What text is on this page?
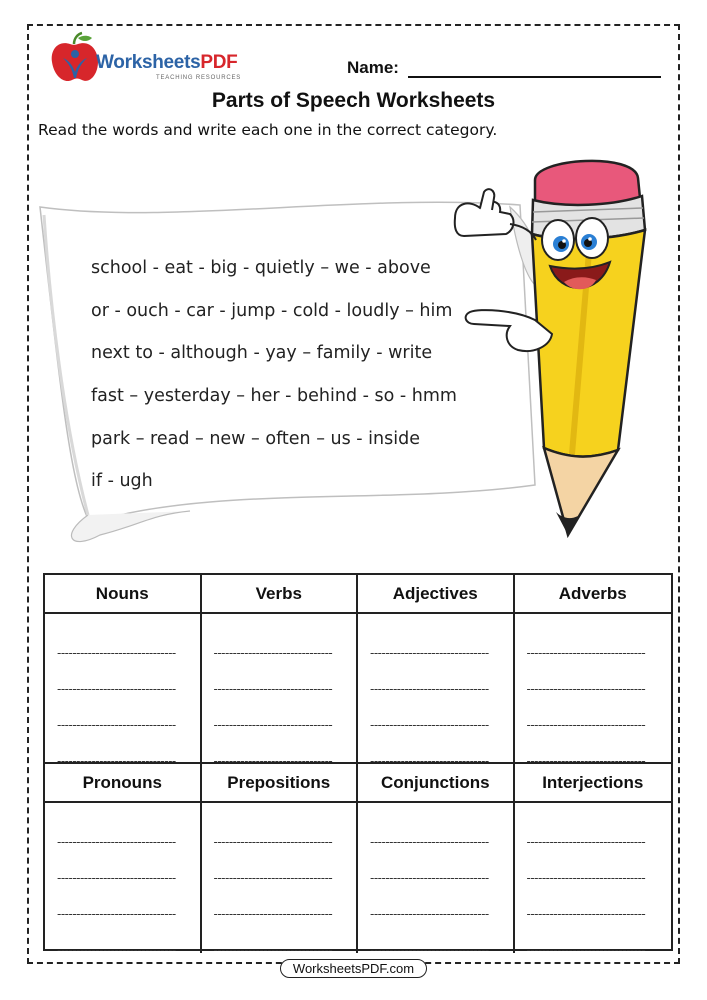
WorksheetsPDF
TEACHING RESOURCES
Name:
Parts of Speech Worksheets
Read the words and write each one in the correct category.
school - eat - big - quietly – we - above
or - ouch - car - jump - cold - loudly – him
next to - although - yay – family - write
fast – yesterday – her - behind - so - hmm
park – read – new – often – us - inside
if - ugh
Nouns	Verbs	Adjectives	Adverbs
-------------------------------
-------------------------------
-------------------------------
-------------------------------
-------------------------------
-------------------------------
-------------------------------
-------------------------------
-------------------------------
-------------------------------
-------------------------------
-------------------------------
-------------------------------
-------------------------------
-------------------------------
-------------------------------
Pronouns	Prepositions	Conjunctions	Interjections
-------------------------------
-------------------------------
-------------------------------
-------------------------------
-------------------------------
-------------------------------
-------------------------------
-------------------------------
-------------------------------
-------------------------------
-------------------------------
-------------------------------
-------------------------------
-------------------------------
-------------------------------
-------------------------------
WorksheetsPDF.com
